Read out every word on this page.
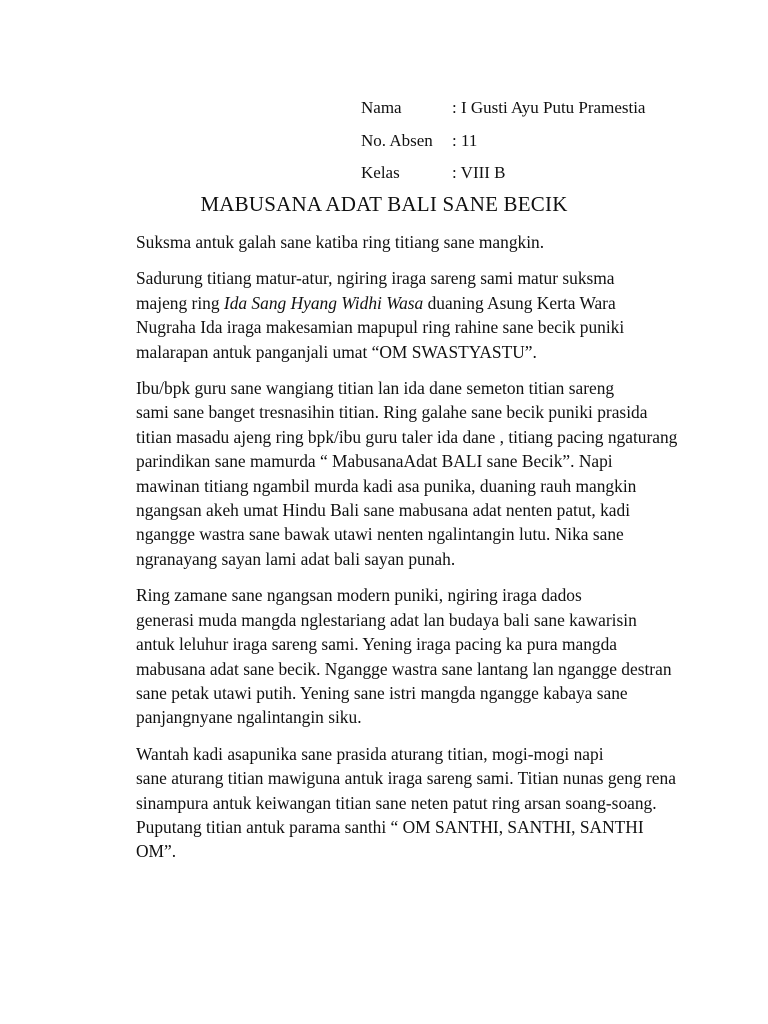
Nama	: I Gusti Ayu Putu Pramestia
No. Absen	: 11
Kelas	: VIII B
MABUSANA ADAT BALI SANE BECIK

Suksma antuk galah sane katiba ring titiang sane mangkin.

Sadurung titiang matur-atur, ngiring iraga sareng sami matur suksma
majeng ring Ida Sang Hyang Widhi Wasa duaning Asung Kerta Wara
Nugraha Ida iraga makesamian mapupul ring rahine sane becik puniki
malarapan antuk panganjali umat “OM SWASTYASTU”.

Ibu/bpk guru sane wangiang titian lan ida dane semeton titian sareng
sami sane banget tresnasihin titian. Ring galahe sane becik puniki prasida
titian masadu ajeng ring bpk/ibu guru taler ida dane , titiang pacing ngaturang
parindikan sane mamurda “ MabusanaAdat BALI sane Becik”. Napi
mawinan titiang ngambil murda kadi asa punika, duaning rauh mangkin
ngangsan akeh umat Hindu Bali sane mabusana adat nenten patut, kadi
ngangge wastra sane bawak utawi nenten ngalintangin lutu. Nika sane
ngranayang sayan lami adat bali sayan punah.

Ring zamane sane ngangsan modern puniki, ngiring iraga dados
generasi muda mangda nglestariang adat lan budaya bali sane kawarisin
antuk leluhur iraga sareng sami. Yening iraga pacing ka pura mangda
mabusana adat sane becik. Ngangge wastra sane lantang lan ngangge destran
sane petak utawi putih. Yening sane istri mangda ngangge kabaya sane
panjangnyane ngalintangin siku.

Wantah kadi asapunika sane prasida aturang titian, mogi-mogi napi
sane aturang titian mawiguna antuk iraga sareng sami. Titian nunas geng rena
sinampura antuk keiwangan titian sane neten patut ring arsan soang-soang.
Puputang titian antuk parama santhi “ OM SANTHI, SANTHI, SANTHI
OM”.
